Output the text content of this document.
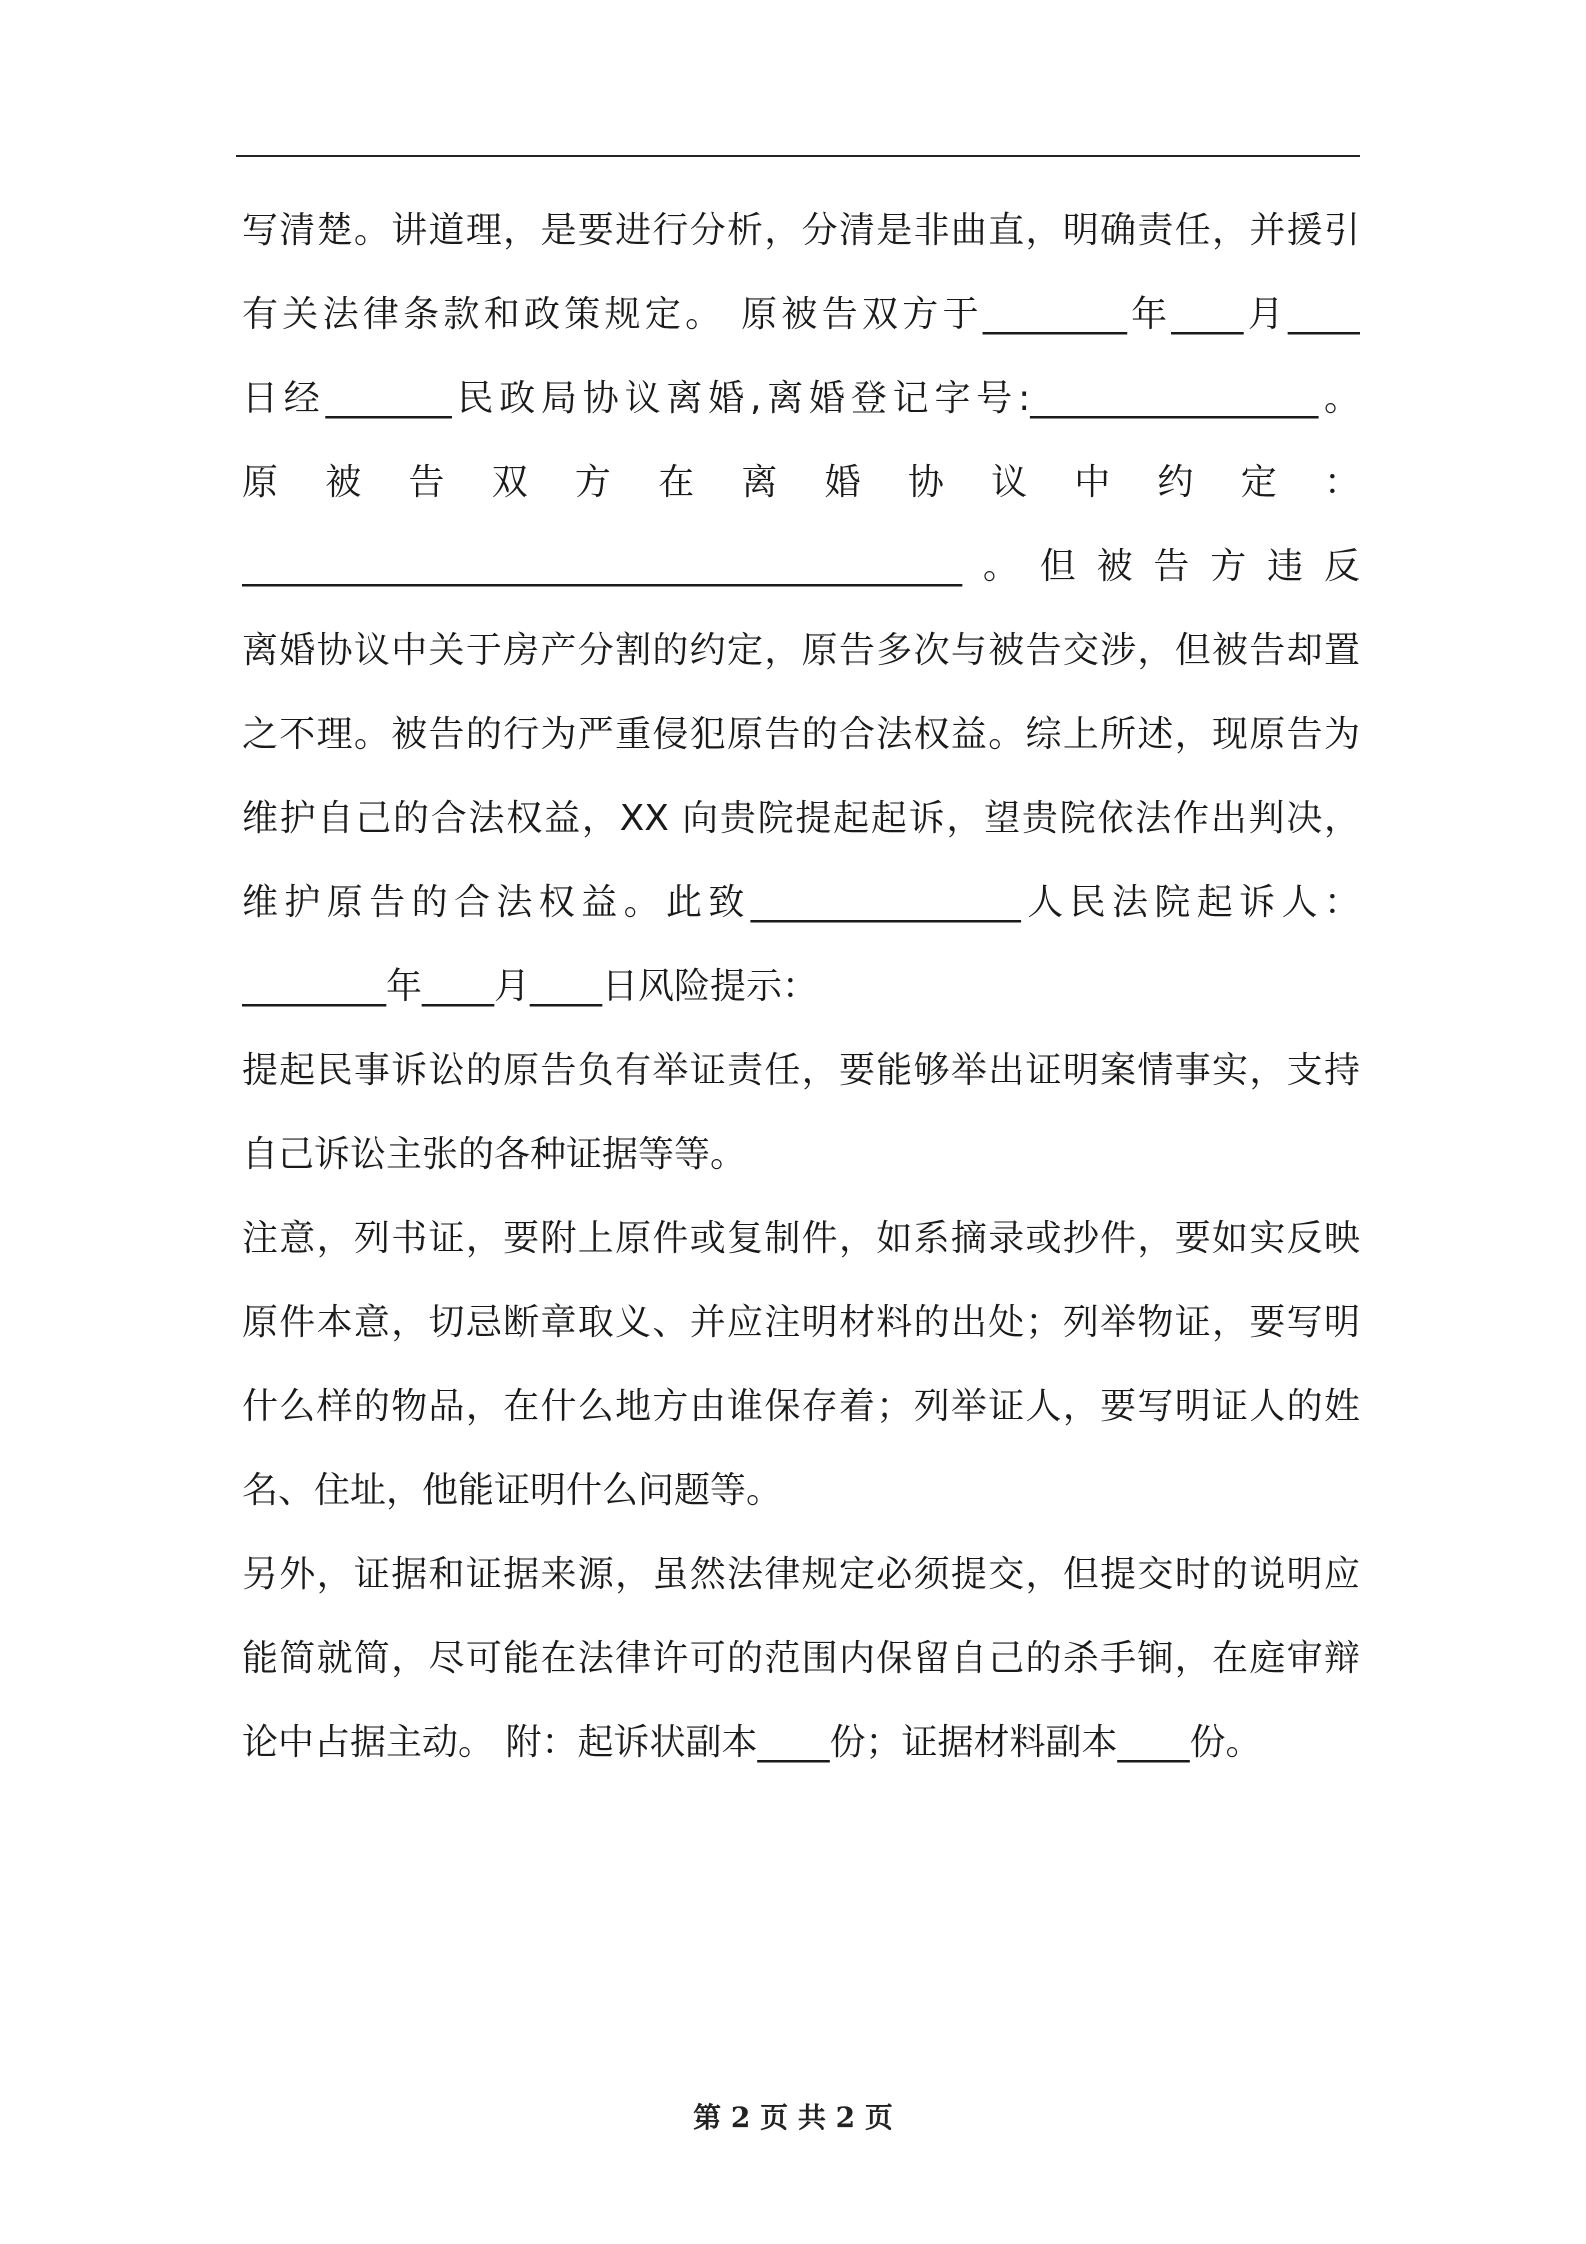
写清楚。讲道理，是要进行分析，分清是非曲直，明确责任，并援引
有关法律条款和政策规定。 原被告双方于________年____月____
日经_______民政局协议离婚,离婚登记字号:________________。
原 被 告 双 方 在 离 婚 协 议 中 约 定 ：
________________________________________。但被告方违反
离婚协议中关于房产分割的约定，原告多次与被告交涉，但被告却置
之不理。被告的行为严重侵犯原告的合法权益。综上所述，现原告为
维护自己的合法权益，XX 向贵院提起起诉，望贵院依法作出判决，
维护原告的合法权益。此致_______________人民法院起诉人：
________年____月____日风险提示：
提起民事诉讼的原告负有举证责任，要能够举出证明案情事实，支持
自己诉讼主张的各种证据等等。
注意，列书证，要附上原件或复制件，如系摘录或抄件，要如实反映
原件本意，切忌断章取义、并应注明材料的出处；列举物证，要写明
什么样的物品，在什么地方由谁保存着；列举证人，要写明证人的姓
名、住址，他能证明什么问题等。
另外，证据和证据来源，虽然法律规定必须提交，但提交时的说明应
能简就简，尽可能在法律许可的范围内保留自己的杀手锏，在庭审辩
论中占据主动。 附：起诉状副本____份；证据材料副本____份。
第 2 页 共 2 页
